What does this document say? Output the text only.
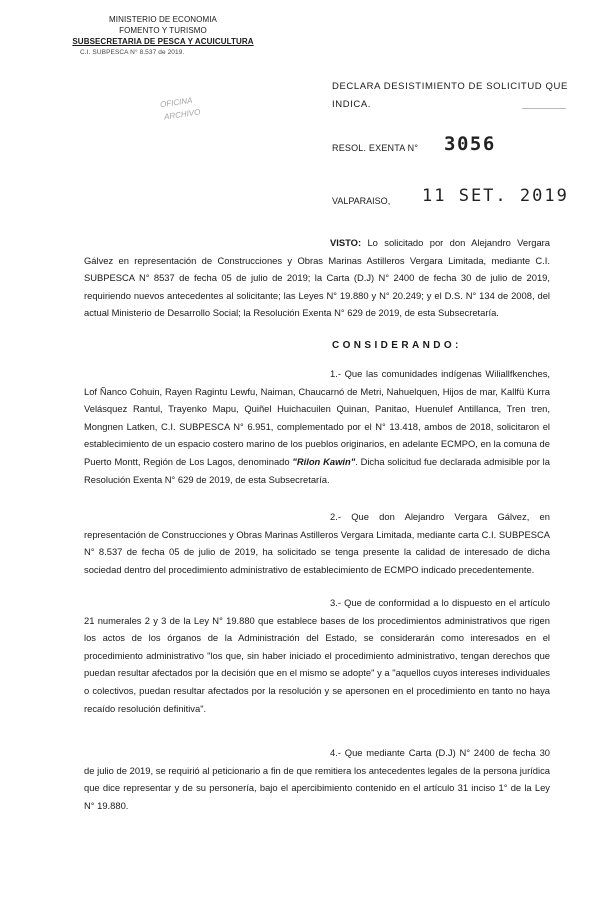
MINISTERIO DE ECONOMIA
FOMENTO Y TURISMO
SUBSECRETARIA DE PESCA Y ACUICULTURA
C.I. SUBPESCA N° 8.537 de 2019.
OFICINA
ARCHIVO
DECLARA DESISTIMIENTO DE SOLICITUD QUE INDICA.
RESOL. EXENTA N° 3056
VALPARAISO, 11 SET. 2019
VISTO: Lo solicitado por don Alejandro Vergara Gálvez en representación de Construcciones y Obras Marinas Astilleros Vergara Limitada, mediante C.I. SUBPESCA N° 8537 de fecha 05 de julio de 2019; la Carta (D.J) N° 2400 de fecha 30 de julio de 2019, requiriendo nuevos antecedentes al solicitante; las Leyes N° 19.880 y N° 20.249; y el D.S. N° 134 de 2008, del actual Ministerio de Desarrollo Social; la Resolución Exenta N° 629 de 2019, de esta Subsecretaría.
CONSIDERANDO:
1.- Que las comunidades indígenas Wiliallfkenches, Lof Ñanco Cohuin, Rayen Ragintu Lewfu, Naiman, Chaucarnó de Metri, Nahuelquen, Hijos de mar, Kallfü Kurra Velásquez Rantul, Trayenko Mapu, Quiñel Huichacuilen Quinan, Panitao, Huenulef Antillanca, Tren tren, Mongnen Latken, C.I. SUBPESCA N° 6.951, complementado por el N° 13.418, ambos de 2018, solicitaron el establecimiento de un espacio costero marino de los pueblos originarios, en adelante ECMPO, en la comuna de Puerto Montt, Región de Los Lagos, denominado "Rilon Kawin". Dicha solicitud fue declarada admisible por la Resolución Exenta N° 629 de 2019, de esta Subsecretaría.
2.- Que don Alejandro Vergara Gálvez, en representación de Construcciones y Obras Marinas Astilleros Vergara Limitada, mediante carta C.I. SUBPESCA N° 8.537 de fecha 05 de julio de 2019, ha solicitado se tenga presente la calidad de interesado de dicha sociedad dentro del procedimiento administrativo de establecimiento de ECMPO indicado precedentemente.
3.- Que de conformidad a lo dispuesto en el artículo 21 numerales 2 y 3 de la Ley N° 19.880 que establece bases de los procedimientos administrativos que rigen los actos de los órganos de la Administración del Estado, se considerarán como interesados en el procedimiento administrativo "los que, sin haber iniciado el procedimiento administrativo, tengan derechos que puedan resultar afectados por la decisión que en el mismo se adopte" y a "aquellos cuyos intereses individuales o colectivos, puedan resultar afectados por la resolución y se apersonen en el procedimiento en tanto no haya recaído resolución definitiva".
4.- Que mediante Carta (D.J) N° 2400 de fecha 30 de julio de 2019, se requirió al peticionario a fin de que remitiera los antecedentes legales de la persona jurídica que dice representar y de su personería, bajo el apercibimiento contenido en el artículo 31 inciso 1° de la Ley N° 19.880.
